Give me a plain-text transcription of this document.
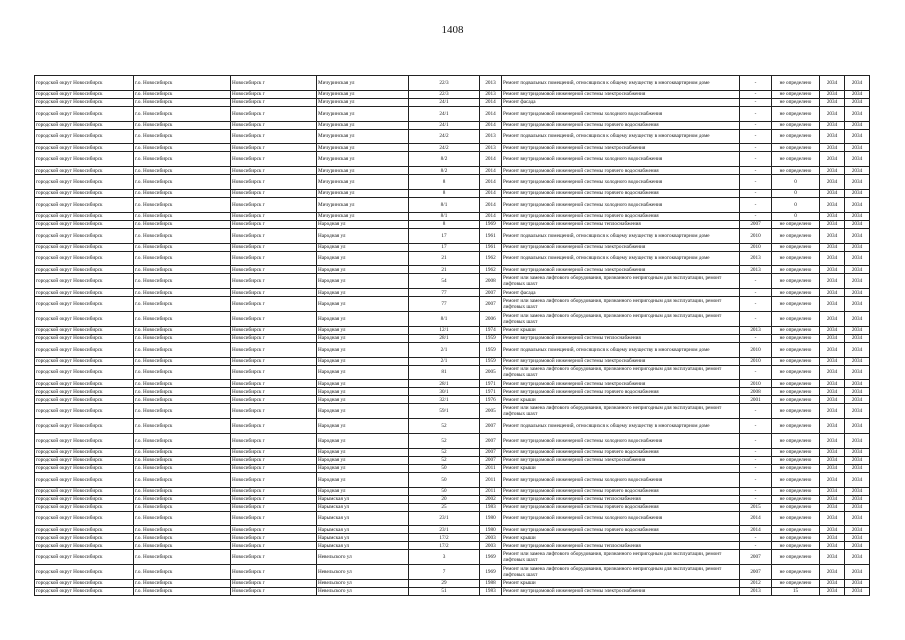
1408
городской округ Новосибирск	г.о. Новосибирск	Новосибирск г	Мичуринская ул	22/3	2013	Ремонт подвальных помещений, относящихся к общему имуществу в многоквартирном доме	-	не определено	2034	2034
городской округ Новосибирск	г.о. Новосибирск	Новосибирск г	Мичуринская ул	22/3	2013	Ремонт внутридомовой инженерной системы электроснабжения	-	не определено	2034	2034
городской округ Новосибирск	г.о. Новосибирск	Новосибирск г	Мичуринская ул	24/1	2014	Ремонт фасада	-	не определено	2034	2034
городской округ Новосибирск	г.о. Новосибирск	Новосибирск г	Мичуринская ул	24/1	2014	Ремонт внутридомовой инженерной системы холодного водоснабжения	-	не определено	2034	2034
городской округ Новосибирск	г.о. Новосибирск	Новосибирск г	Мичуринская ул	24/1	2014	Ремонт внутридомовой инженерной системы горячего водоснабжения	-	не определено	2034	2034
городской округ Новосибирск	г.о. Новосибирск	Новосибирск г	Мичуринская ул	24/2	2013	Ремонт подвальных помещений, относящихся к общему имуществу в многоквартирном доме	-	не определено	2034	2034
городской округ Новосибирск	г.о. Новосибирск	Новосибирск г	Мичуринская ул	24/2	2013	Ремонт внутридомовой инженерной системы электроснабжения	-	не определено	2034	2034
городской округ Новосибирск	г.о. Новосибирск	Новосибирск г	Мичуринская ул	8/2	2014	Ремонт внутридомовой инженерной системы холодного водоснабжения	-	не определено	2034	2034
городской округ Новосибирск	г.о. Новосибирск	Новосибирск г	Мичуринская ул	8/2	2014	Ремонт внутридомовой инженерной системы горячего водоснабжения	-	не определено	2034	2034
городской округ Новосибирск	г.о. Новосибирск	Новосибирск г	Мичуринская ул	8	2014	Ремонт внутридомовой инженерной системы холодного водоснабжения	-	0	2034	2034
городской округ Новосибирск	г.о. Новосибирск	Новосибирск г	Мичуринская ул	8	2014	Ремонт внутридомовой инженерной системы горячего водоснабжения	-	0	2034	2034
городской округ Новосибирск	г.о. Новосибирск	Новосибирск г	Мичуринская ул	8/1	2014	Ремонт внутридомовой инженерной системы холодного водоснабжения	-	0	2034	2034
городской округ Новосибирск	г.о. Новосибирск	Новосибирск г	Мичуринская ул	8/1	2014	Ремонт внутридомовой инженерной системы горячего водоснабжения	-	0	2034	2034
городской округ Новосибирск	г.о. Новосибирск	Новосибирск г	Народная ул	8	1969	Ремонт внутридомовой инженерной системы теплоснабжения	2007	не определено	2034	2034
городской округ Новосибирск	г.о. Новосибирск	Новосибирск г	Народная ул	17	1961	Ремонт подвальных помещений, относящихся к общему имуществу в многоквартирном доме	2010	не определено	2034	2034
городской округ Новосибирск	г.о. Новосибирск	Новосибирск г	Народная ул	17	1961	Ремонт внутридомовой инженерной системы электроснабжения	2010	не определено	2034	2034
городской округ Новосибирск	г.о. Новосибирск	Новосибирск г	Народная ул	21	1962	Ремонт подвальных помещений, относящихся к общему имуществу в многоквартирном доме	2013	не определено	2034	2034
городской округ Новосибирск	г.о. Новосибирск	Новосибирск г	Народная ул	21	1962	Ремонт внутридомовой инженерной системы электроснабжения	2013	не определено	2034	2034
городской округ Новосибирск	г.о. Новосибирск	Новосибирск г	Народная ул	54	2008	Ремонт или замена лифтового оборудования, признанного непригодным для эксплуатации, ремонт лифтовых шахт	-	не определено	2034	2034
городской округ Новосибирск	г.о. Новосибирск	Новосибирск г	Народная ул	77	2007	Ремонт фасада	-	не определено	2034	2034
городской округ Новосибирск	г.о. Новосибирск	Новосибирск г	Народная ул	77	2007	Ремонт или замена лифтового оборудования, признанного непригодным для эксплуатации, ремонт лифтовых шахт	-	не определено	2034	2034
городской округ Новосибирск	г.о. Новосибирск	Новосибирск г	Народная ул	8/1	2006	Ремонт или замена лифтового оборудования, признанного непригодным для эксплуатации, ремонт лифтовых шахт	-	не определено	2034	2034
городской округ Новосибирск	г.о. Новосибирск	Новосибирск г	Народная ул	12/1	1974	Ремонт крыши	2013	не определено	2034	2034
городской округ Новосибирск	г.о. Новосибирск	Новосибирск г	Народная ул	28/1	1959	Ремонт внутридомовой инженерной системы теплоснабжения	-	не определено	2034	2034
городской округ Новосибирск	г.о. Новосибирск	Новосибирск г	Народная ул	2/1	1959	Ремонт подвальных помещений, относящихся к общему имуществу в многоквартирном доме	2010	не определено	2034	2034
городской округ Новосибирск	г.о. Новосибирск	Новосибирск г	Народная ул	2/1	1959	Ремонт внутридомовой инженерной системы электроснабжения	2010	не определено	2034	2034
городской округ Новосибирск	г.о. Новосибирск	Новосибирск г	Народная ул	81	2005	Ремонт или замена лифтового оборудования, признанного непригодным для эксплуатации, ремонт лифтовых шахт	-	не определено	2034	2034
городской округ Новосибирск	г.о. Новосибирск	Новосибирск г	Народная ул	28/1	1971	Ремонт внутридомовой инженерной системы электроснабжения	2010	не определено	2034	2034
городской округ Новосибирск	г.о. Новосибирск	Новосибирск г	Народная ул	30/1	1971	Ремонт внутридомовой инженерной системы горячего водоснабжения	2008	не определено	2034	2034
городской округ Новосибирск	г.о. Новосибирск	Новосибирск г	Народная ул	32/1	1976	Ремонт крыши	2001	не определено	2034	2034
городской округ Новосибирск	г.о. Новосибирск	Новосибирск г	Народная ул	59/1	2005	Ремонт или замена лифтового оборудования, признанного непригодным для эксплуатации, ремонт лифтовых шахт	-	не определено	2034	2034
городской округ Новосибирск	г.о. Новосибирск	Новосибирск г	Народная ул	52	2007	Ремонт подвальных помещений, относящихся к общему имуществу в многоквартирном доме	-	не определено	2034	2034
городской округ Новосибирск	г.о. Новосибирск	Новосибирск г	Народная ул	52	2007	Ремонт внутридомовой инженерной системы холодного водоснабжения	-	не определено	2034	2034
городской округ Новосибирск	г.о. Новосибирск	Новосибирск г	Народная ул	52	2007	Ремонт внутридомовой инженерной системы горячего водоснабжения	-	не определено	2034	2034
городской округ Новосибирск	г.о. Новосибирск	Новосибирск г	Народная ул	52	2007	Ремонт внутридомовой инженерной системы электроснабжения	-	не определено	2034	2034
городской округ Новосибирск	г.о. Новосибирск	Новосибирск г	Народная ул	50	2011	Ремонт крыши	-	не определено	2034	2034
городской округ Новосибирск	г.о. Новосибирск	Новосибирск г	Народная ул	50	2011	Ремонт внутридомовой инженерной системы холодного водоснабжения	-	не определено	2034	2034
городской округ Новосибирск	г.о. Новосибирск	Новосибирск г	Народная ул	50	2011	Ремонт внутридомовой инженерной системы горячего водоснабжения	-	не определено	2034	2034
городской округ Новосибирск	г.о. Новосибирск	Новосибирск г	Нарымская ул	20	2002	Ремонт внутридомовой инженерной системы теплоснабжения	-	не определено	2034	2034
городской округ Новосибирск	г.о. Новосибирск	Новосибирск г	Нарымская ул	25	1983	Ремонт внутридомовой инженерной системы горячего водоснабжения	2015	не определено	2034	2034
городской округ Новосибирск	г.о. Новосибирск	Новосибирск г	Нарымская ул	23/1	1980	Ремонт внутридомовой инженерной системы холодного водоснабжения	2014	не определено	2034	2034
городской округ Новосибирск	г.о. Новосибирск	Новосибирск г	Нарымская ул	23/1	1980	Ремонт внутридомовой инженерной системы горячего водоснабжения	2014	не определено	2034	2034
городской округ Новосибирск	г.о. Новосибирск	Новосибирск г	Нарымская ул	17/2	2003	Ремонт крыши	-	не определено	2034	2034
городской округ Новосибирск	г.о. Новосибирск	Новосибирск г	Нарымская ул	17/2	2003	Ремонт внутридомовой инженерной системы теплоснабжения	-	не определено	2034	2034
городской округ Новосибирск	г.о. Новосибирск	Новосибирск г	Невельского ул	3	1969	Ремонт или замена лифтового оборудования, признанного непригодным для эксплуатации, ремонт лифтовых шахт	2007	не определено	2034	2034
городской округ Новосибирск	г.о. Новосибирск	Новосибирск г	Невельского ул	7	1969	Ремонт или замена лифтового оборудования, признанного непригодным для эксплуатации, ремонт лифтовых шахт	2007	не определено	2034	2034
городской округ Новосибирск	г.о. Новосибирск	Новосибирск г	Невельского ул	29	1988	Ремонт крыши	2012	не определено	2034	2034
городской округ Новосибирск	г.о. Новосибирск	Новосибирск г	Невельского ул	51	1983	Ремонт внутридомовой инженерной системы электроснабжения	2013	15	2034	2034
